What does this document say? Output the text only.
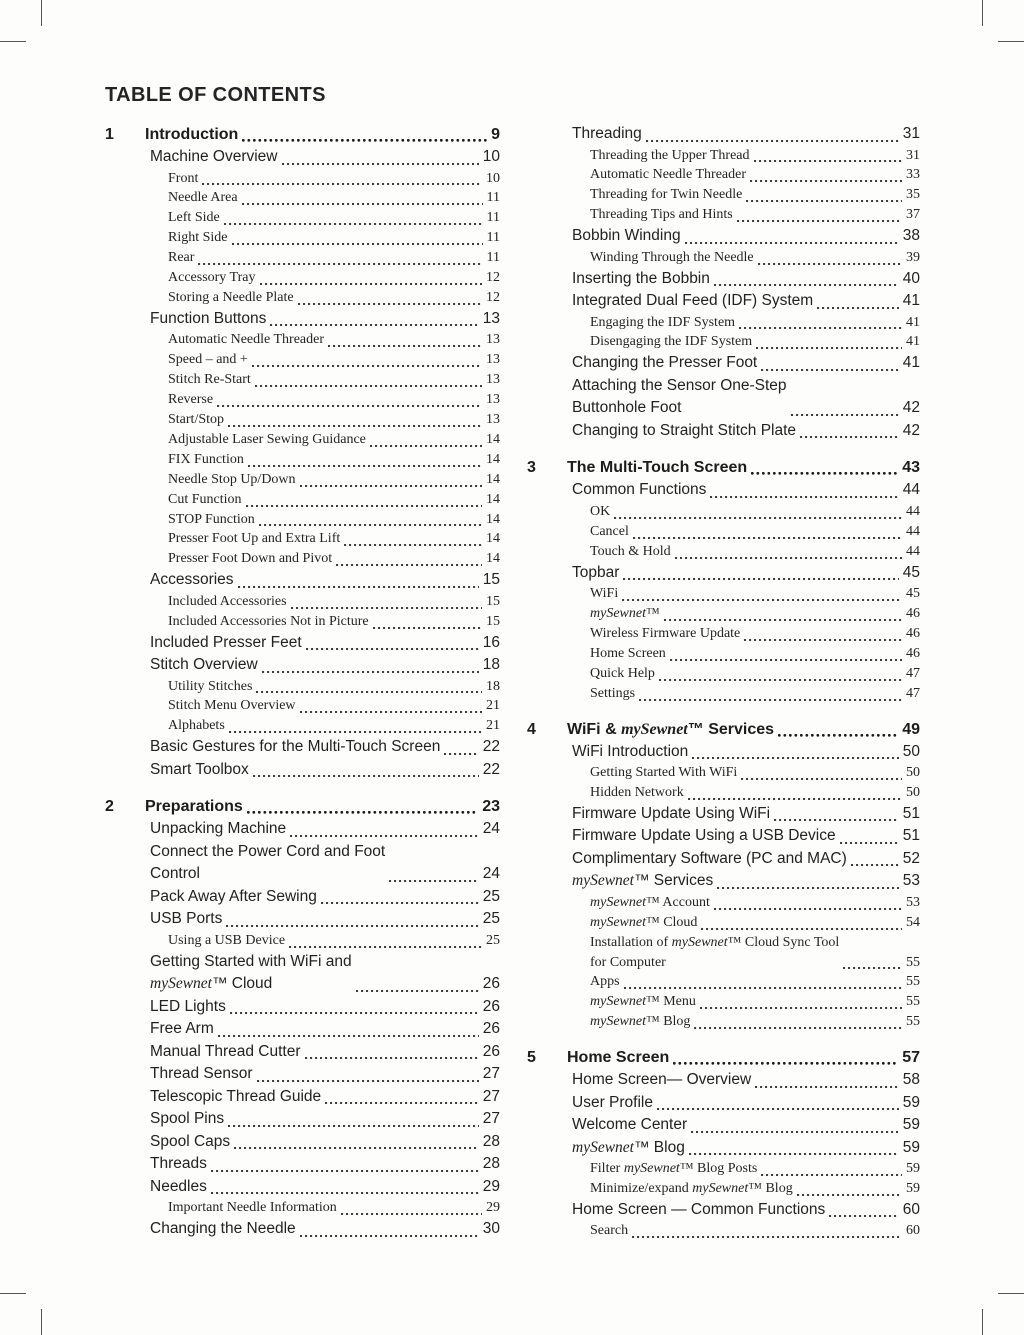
TABLE OF CONTENTS
1	Introduction	9
Machine Overview	10
Front	10
Needle Area	11
Left Side	11
Right Side	11
Rear	11
Accessory Tray	12
Storing a Needle Plate	12
Function Buttons	13
Automatic Needle Threader	13
Speed – and +	13
Stitch Re-Start	13
Reverse	13
Start/Stop	13
Adjustable Laser Sewing Guidance	14
FIX Function	14
Needle Stop Up/Down	14
Cut Function	14
STOP Function	14
Presser Foot Up and Extra Lift	14
Presser Foot Down and Pivot	14
Accessories	15
Included Accessories	15
Included Accessories Not in Picture	15
Included Presser Feet	16
Stitch Overview	18
Utility Stitches	18
Stitch Menu Overview	21
Alphabets	21
Basic Gestures for the Multi-Touch Screen	22
Smart Toolbox	22
2	Preparations	23
Unpacking Machine	24
Connect the Power Cord and Foot
Control	24
Pack Away After Sewing	25
USB Ports	25
Using a USB Device	25
Getting Started with WiFi and
mySewnet™ Cloud	26
LED Lights	26
Free Arm	26
Manual Thread Cutter	26
Thread Sensor	27
Telescopic Thread Guide	27
Spool Pins	27
Spool Caps	28
Threads	28
Needles	29
Important Needle Information	29
Changing the Needle	30
Threading	31
Threading the Upper Thread	31
Automatic Needle Threader	33
Threading for Twin Needle	35
Threading Tips and Hints	37
Bobbin Winding	38
Winding Through the Needle	39
Inserting the Bobbin	40
Integrated Dual Feed (IDF) System	41
Engaging the IDF System	41
Disengaging the IDF System	41
Changing the Presser Foot	41
Attaching the Sensor One-Step
Buttonhole Foot	42
Changing to Straight Stitch Plate	42
3	The Multi-Touch Screen	43
Common Functions	44
OK	44
Cancel	44
Touch & Hold	44
Topbar	45
WiFi	45
mySewnet™	46
Wireless Firmware Update	46
Home Screen	46
Quick Help	47
Settings	47
4	WiFi & mySewnet™ Services	49
WiFi Introduction	50
Getting Started With WiFi	50
Hidden Network	50
Firmware Update Using WiFi	51
Firmware Update Using a USB Device	51
Complimentary Software (PC and MAC)	52
mySewnet™ Services	53
mySewnet™ Account	53
mySewnet™ Cloud	54
Installation of mySewnet™ Cloud Sync Tool
for Computer	55
Apps	55
mySewnet™ Menu	55
mySewnet™ Blog	55
5	Home Screen	57
Home Screen— Overview	58
User Profile	59
Welcome Center	59
mySewnet™ Blog	59
Filter mySewnet™ Blog Posts	59
Minimize/expand mySewnet™ Blog	59
Home Screen — Common Functions	60
Search	60
